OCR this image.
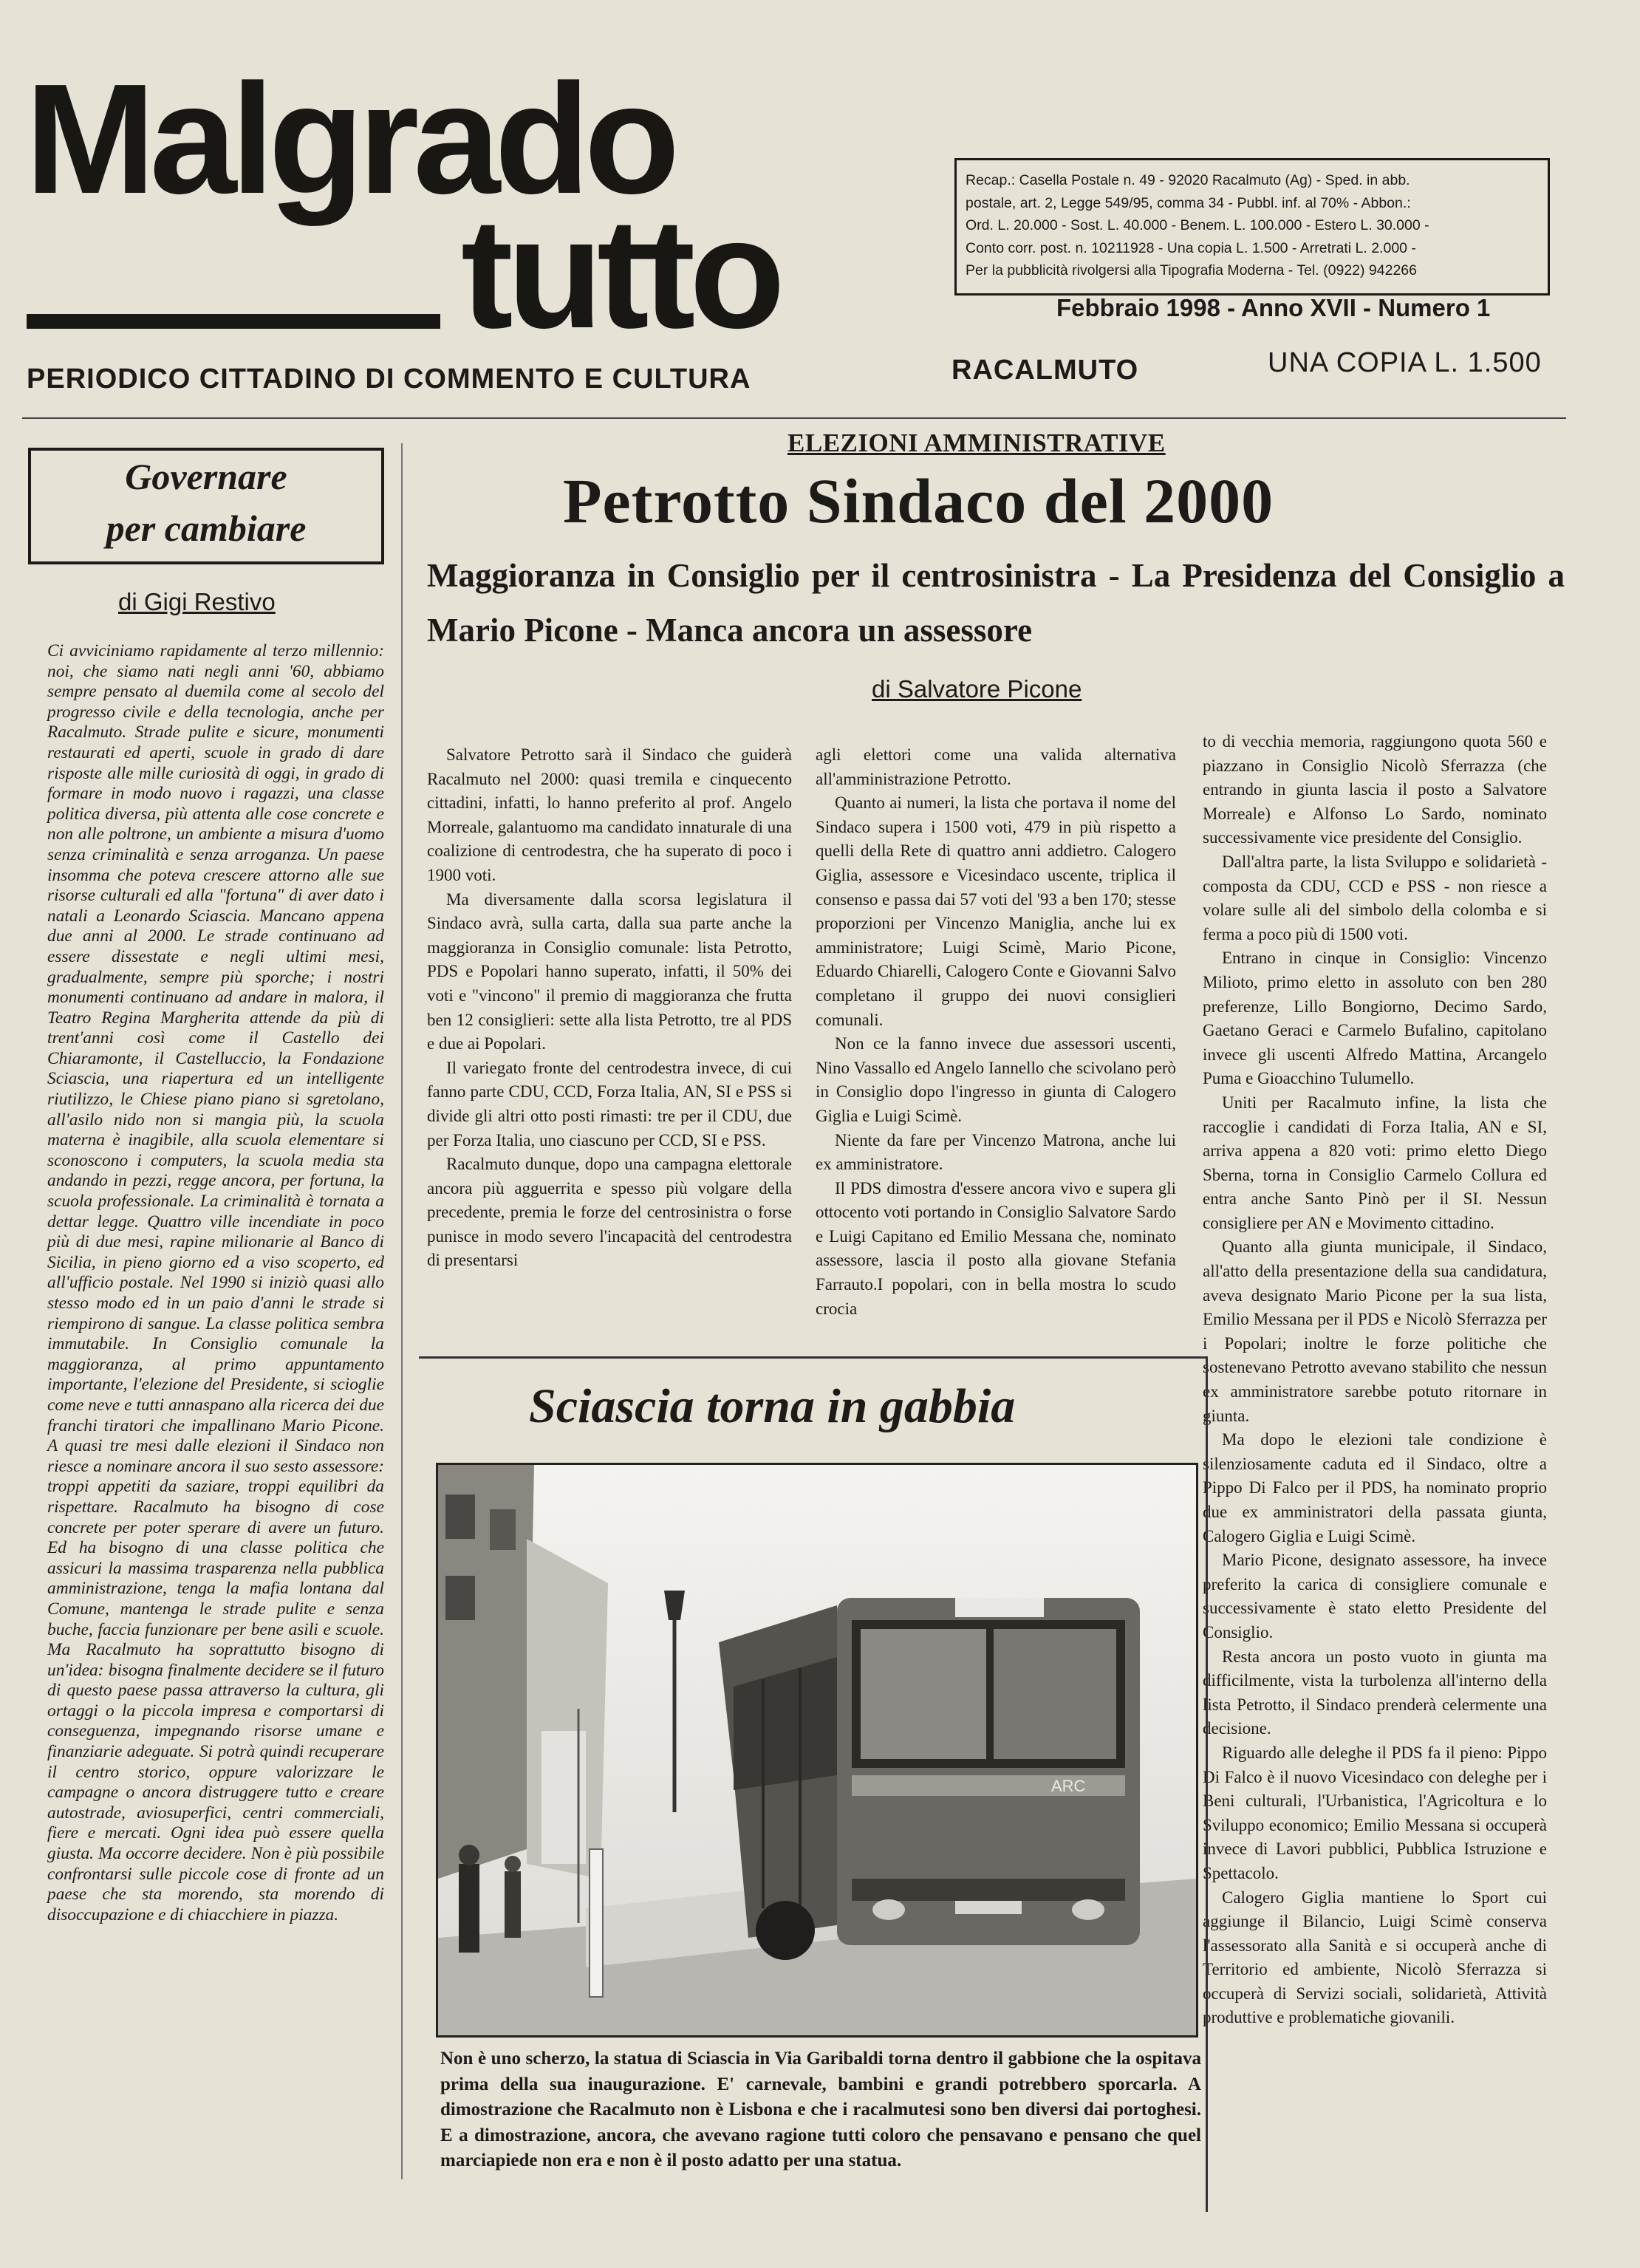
Malgrado
tutto
PERIODICO CITTADINO DI COMMENTO E CULTURA
Recap.: Casella Postale n. 49 - 92020 Racalmuto (Ag) - Sped. in abb.
postale, art. 2, Legge 549/95, comma 34 - Pubbl. inf. al 70% - Abbon.:
Ord. L. 20.000 - Sost. L. 40.000 - Benem. L. 100.000 - Estero L. 30.000 -
Conto corr. post. n. 10211928 - Una copia L. 1.500 - Arretrati L. 2.000 -
Per la pubblicità rivolgersi alla Tipografia Moderna - Tel. (0922) 942266
Febbraio 1998 - Anno XVII - Numero 1
RACALMUTO	UNA COPIA L. 1.500
Governare
per cambiare
di Gigi Restivo
Ci avviciniamo rapidamente al terzo millennio: noi, che siamo nati negli anni '60, abbiamo sempre pensato al duemila come al secolo del progresso civile e della tecnologia, anche per Racalmuto. Strade pulite e sicure, monumenti restaurati ed aperti, scuole in grado di dare risposte alle mille curiosità di oggi, in grado di formare in modo nuovo i ragazzi, una classe politica diversa, più attenta alle cose concrete e non alle poltrone, un ambiente a misura d'uomo senza criminalità e senza arroganza. Un paese insomma che poteva crescere attorno alle sue risorse culturali ed alla "fortuna" di aver dato i natali a Leonardo Sciascia. Mancano appena due anni al 2000. Le strade continuano ad essere dissestate e negli ultimi mesi, gradualmente, sempre più sporche; i nostri monumenti continuano ad andare in malora, il Teatro Regina Margherita attende da più di trent'anni così come il Castello dei Chiaramonte, il Castelluccio, la Fondazione Sciascia, una riapertura ed un intelligente riutilizzo, le Chiese piano piano si sgretolano, all'asilo nido non si mangia più, la scuola materna è inagibile, alla scuola elementare si sconoscono i computers, la scuola media sta andando in pezzi, regge ancora, per fortuna, la scuola professionale. La criminalità è tornata a dettar legge. Quattro ville incendiate in poco più di due mesi, rapine milionarie al Banco di Sicilia, in pieno giorno ed a viso scoperto, ed all'ufficio postale. Nel 1990 si iniziò quasi allo stesso modo ed in un paio d'anni le strade si riempirono di sangue. La classe politica sembra immutabile. In Consiglio comunale la maggioranza, al primo appuntamento importante, l'elezione del Presidente, si scioglie come neve e tutti annaspano alla ricerca dei due franchi tiratori che impallinano Mario Picone. A quasi tre mesi dalle elezioni il Sindaco non riesce a nominare ancora il suo sesto assessore: troppi appetiti da saziare, troppi equilibri da rispettare. Racalmuto ha bisogno di cose concrete per poter sperare di avere un futuro. Ed ha bisogno di una classe politica che assicuri la massima trasparenza nella pubblica amministrazione, tenga la mafia lontana dal Comune, mantenga le strade pulite e senza buche, faccia funzionare per bene asili e scuole. Ma Racalmuto ha soprattutto bisogno di un'idea: bisogna finalmente decidere se il futuro di questo paese passa attraverso la cultura, gli ortaggi o la piccola impresa e comportarsi di conseguenza, impegnando risorse umane e finanziarie adeguate. Si potrà quindi recuperare il centro storico, oppure valorizzare le campagne o ancora distruggere tutto e creare autostrade, aviosuperfici, centri commerciali, fiere e mercati. Ogni idea può essere quella giusta. Ma occorre decidere. Non è più possibile confrontarsi sulle piccole cose di fronte ad un paese che sta morendo, sta morendo di disoccupazione e di chiacchiere in piazza.
ELEZIONI AMMINISTRATIVE
Petrotto Sindaco del 2000
Maggioranza in Consiglio per il centrosinistra - La Presidenza del Consiglio a Mario Picone - Manca ancora un assessore
di Salvatore Picone

Salvatore Petrotto sarà il Sindaco che guiderà Racalmuto nel 2000: quasi tremila e cinquecento cittadini, infatti, lo hanno preferito al prof. Angelo Morreale, galantuomo ma candidato innaturale di una coalizione di centrodestra, che ha superato di poco i 1900 voti.

Ma diversamente dalla scorsa legislatura il Sindaco avrà, sulla carta, dalla sua parte anche la maggioranza in Consiglio comunale: lista Petrotto, PDS e Popolari hanno superato, infatti, il 50% dei voti e "vincono" il premio di maggioranza che frutta ben 12 consiglieri: sette alla lista Petrotto, tre al PDS e due ai Popolari.

Il variegato fronte del centrodestra invece, di cui fanno parte CDU, CCD, Forza Italia, AN, SI e PSS si divide gli altri otto posti rimasti: tre per il CDU, due per Forza Italia, uno ciascuno per CCD, SI e PSS.

Racalmuto dunque, dopo una campagna elettorale ancora più agguerrita e spesso più volgare della precedente, premia le forze del centrosinistra o forse punisce in modo severo l'incapacità del centrodestra di presentarsi

agli elettori come una valida alternativa all'amministrazione Petrotto.

Quanto ai numeri, la lista che portava il nome del Sindaco supera i 1500 voti, 479 in più rispetto a quelli della Rete di quattro anni addietro. Calogero Giglia, assessore e Vicesindaco uscente, triplica il consenso e passa dai 57 voti del '93 a ben 170; stesse proporzioni per Vincenzo Maniglia, anche lui ex amministratore; Luigi Scimè, Mario Picone, Eduardo Chiarelli, Calogero Conte e Giovanni Salvo completano il gruppo dei nuovi consiglieri comunali.

Non ce la fanno invece due assessori uscenti, Nino Vassallo ed Angelo Iannello che scivolano però in Consiglio dopo l'ingresso in giunta di Calogero Giglia e Luigi Scimè.

Niente da fare per Vincenzo Matrona, anche lui ex amministratore.

Il PDS dimostra d'essere ancora vivo e supera gli ottocento voti portando in Consiglio Salvatore Sardo e Luigi Capitano ed Emilio Messana che, nominato assessore, lascia il posto alla giovane Stefania Farrauto.I popolari, con in bella mostra lo scudo crocia

to di vecchia memoria, raggiungono quota 560 e piazzano in Consiglio Nicolò Sferrazza (che entrando in giunta lascia il posto a Salvatore Morreale) e Alfonso Lo Sardo, nominato successivamente vice presidente del Consiglio.

Dall'altra parte, la lista Sviluppo e solidarietà - composta da CDU, CCD e PSS - non riesce a volare sulle ali del simbolo della colomba e si ferma a poco più di 1500 voti.

Entrano in cinque in Consiglio: Vincenzo Milioto, primo eletto in assoluto con ben 280 preferenze, Lillo Bongiorno, Decimo Sardo, Gaetano Geraci e Carmelo Bufalino, capitolano invece gli uscenti Alfredo Mattina, Arcangelo Puma e Gioacchino Tulumello.

Uniti per Racalmuto infine, la lista che raccoglie i candidati di Forza Italia, AN e SI, arriva appena a 820 voti: primo eletto Diego Sberna, torna in Consiglio Carmelo Collura ed entra anche Santo Pinò per il SI. Nessun consigliere per AN e Movimento cittadino.

Quanto alla giunta municipale, il Sindaco, all'atto della presentazione della sua candidatura, aveva designato Mario Picone per la sua lista, Emilio Messana per il PDS e Nicolò Sferrazza per i Popolari; inoltre le forze politiche che sostenevano Petrotto avevano stabilito che nessun ex amministratore sarebbe potuto ritornare in giunta.

Ma dopo le elezioni tale condizione è silenziosamente caduta ed il Sindaco, oltre a Pippo Di Falco per il PDS, ha nominato proprio due ex amministratori della passata giunta, Calogero Giglia e Luigi Scimè.

Mario Picone, designato assessore, ha invece preferito la carica di consigliere comunale e successivamente è stato eletto Presidente del Consiglio.

Resta ancora un posto vuoto in giunta ma difficilmente, vista la turbolenza all'interno della lista Petrotto, il Sindaco prenderà celermente una decisione.

Riguardo alle deleghe il PDS fa il pieno: Pippo Di Falco è il nuovo Vicesindaco con deleghe per i Beni culturali, l'Urbanistica, l'Agricoltura e lo Sviluppo economico; Emilio Messana si occuperà invece di Lavori pubblici, Pubblica Istruzione e Spettacolo.

Calogero Giglia mantiene lo Sport cui aggiunge il Bilancio, Luigi Scimè conserva l'assessorato alla Sanità e si occuperà anche di Territorio ed ambiente, Nicolò Sferrazza si occuperà di Servizi sociali, solidarietà, Attività produttive e problematiche giovanili.

Sciascia torna in gabbia
ARC
Non è uno scherzo, la statua di Sciascia in Via Garibaldi torna dentro il gabbione che la ospitava prima della sua inaugurazione. E' carnevale, bambini e grandi potrebbero sporcarla. A dimostrazione che Racalmuto non è Lisbona e che i racalmutesi sono ben diversi dai portoghesi. E a dimostrazione, ancora, che avevano ragione tutti coloro che pensavano e pensano che quel marciapiede non era e non è il posto adatto per una statua.
